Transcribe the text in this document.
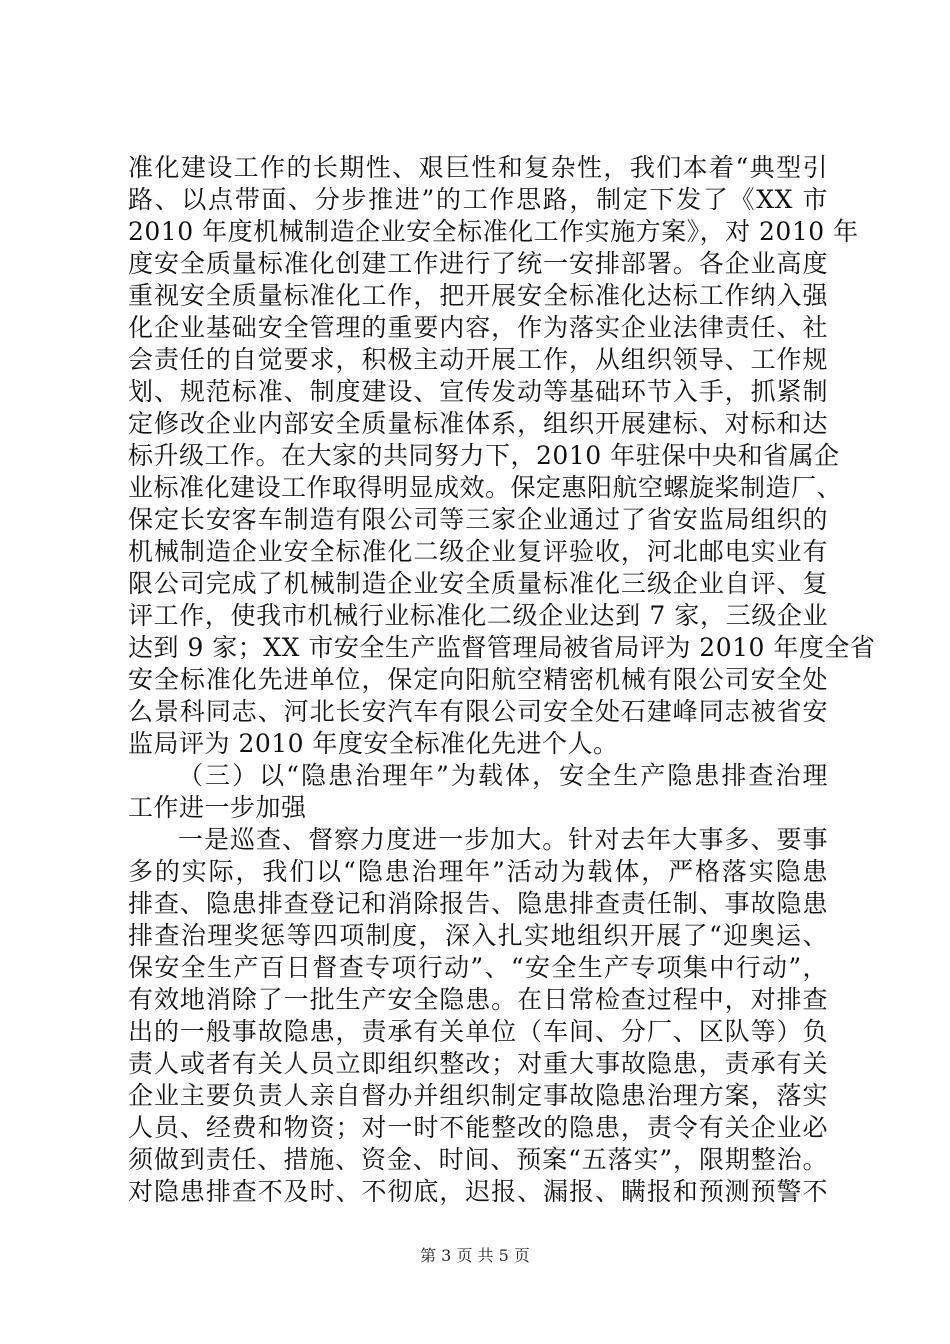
准化建设工作的长期性、艰巨性和复杂性，我们本着“典型引
路、以点带面、分步推进”的工作思路，制定下发了《XX 市
2010 年度机械制造企业安全标准化工作实施方案》，对 2010 年
度安全质量标准化创建工作进行了统一安排部署。各企业高度
重视安全质量标准化工作，把开展安全标准化达标工作纳入强
化企业基础安全管理的重要内容，作为落实企业法律责任、社
会责任的自觉要求，积极主动开展工作，从组织领导、工作规
划、规范标准、制度建设、宣传发动等基础环节入手，抓紧制
定修改企业内部安全质量标准体系，组织开展建标、对标和达
标升级工作。在大家的共同努力下，2010 年驻保中央和省属企
业标准化建设工作取得明显成效。保定惠阳航空螺旋桨制造厂、
保定长安客车制造有限公司等三家企业通过了省安监局组织的
机械制造企业安全标准化二级企业复评验收，河北邮电实业有
限公司完成了机械制造企业安全质量标准化三级企业自评、复
评工作，使我市机械行业标准化二级企业达到 7 家，三级企业
达到 9 家；XX 市安全生产监督管理局被省局评为 2010 年度全省
安全标准化先进单位，保定向阳航空精密机械有限公司安全处
么景科同志、河北长安汽车有限公司安全处石建峰同志被省安
监局评为 2010 年度安全标准化先进个人。
（三）以“隐患治理年”为载体，安全生产隐患排查治理
工作进一步加强
一是巡查、督察力度进一步加大。针对去年大事多、要事
多的实际，我们以“隐患治理年”活动为载体，严格落实隐患
排查、隐患排查登记和消除报告、隐患排查责任制、事故隐患
排查治理奖惩等四项制度，深入扎实地组织开展了“迎奥运、
保安全生产百日督查专项行动”、“安全生产专项集中行动”，
有效地消除了一批生产安全隐患。在日常检查过程中，对排查
出的一般事故隐患，责承有关单位（车间、分厂、区队等）负
责人或者有关人员立即组织整改；对重大事故隐患，责承有关
企业主要负责人亲自督办并组织制定事故隐患治理方案，落实
人员、经费和物资；对一时不能整改的隐患，责令有关企业必
须做到责任、措施、资金、时间、预案“五落实”，限期整治。
对隐患排查不及时、不彻底，迟报、漏报、瞒报和预测预警不
第 3 页 共 5 页
